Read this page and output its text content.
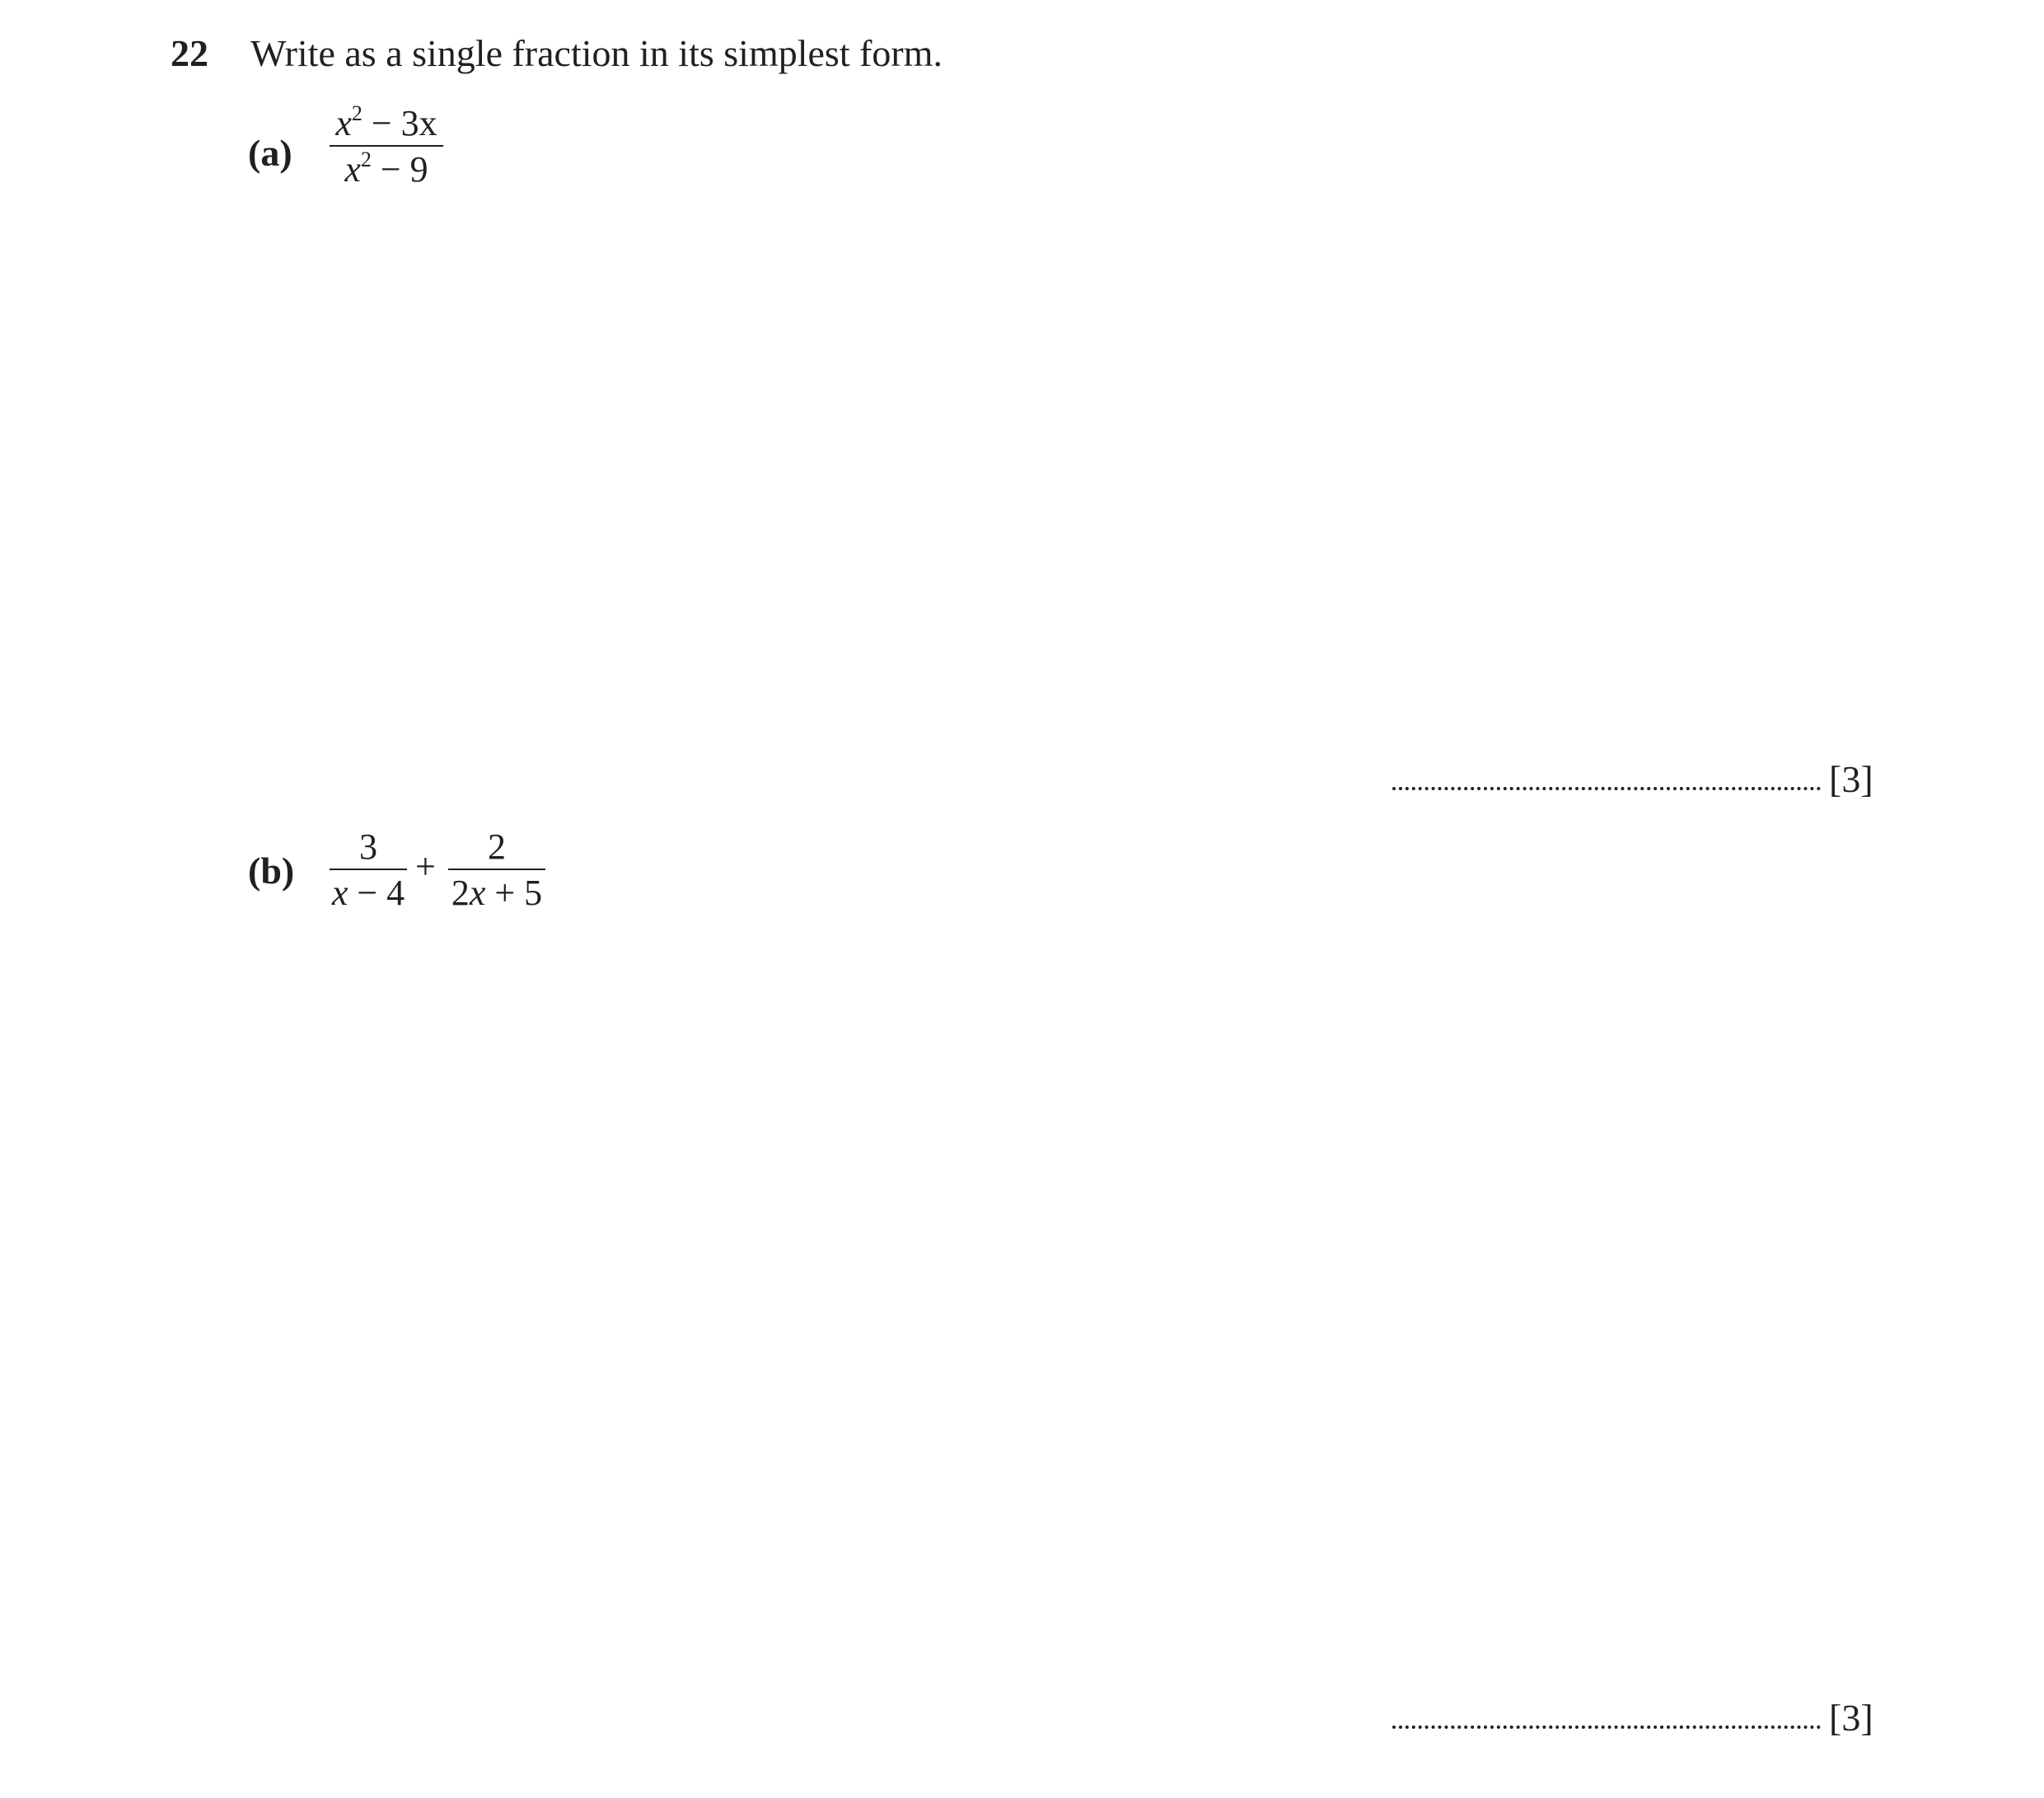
22 Write as a single fraction in its simplest form.
(a)
$x^2 - 3x$
$x^2 - 9$
[3]
(b)
3
x − 4
+	2
2x + 5
[3]
